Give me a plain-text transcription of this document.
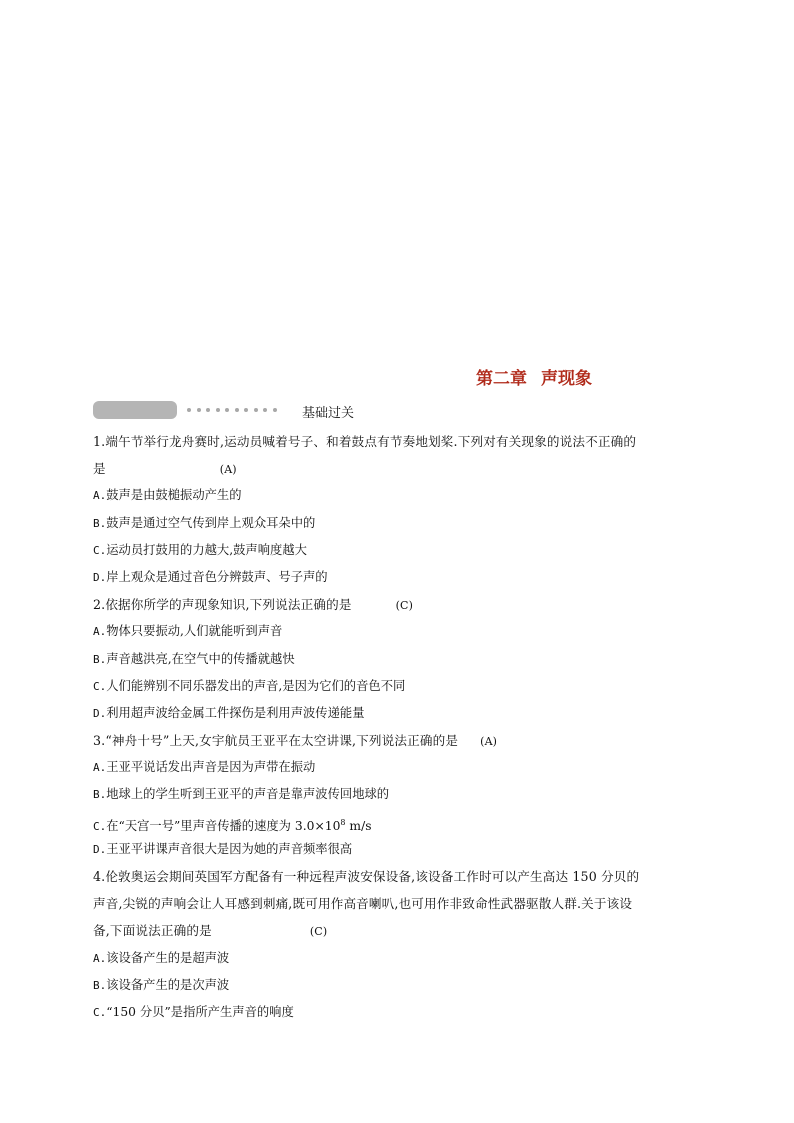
第二章 声现象
基础过关
1.端午节举行龙舟赛时,运动员喊着号子、和着鼓点有节奏地划桨.下列对有关现象的说法不正确的
是	(A)
A.鼓声是由鼓槌振动产生的
B.鼓声是通过空气传到岸上观众耳朵中的
C.运动员打鼓用的力越大,鼓声响度越大
D.岸上观众是通过音色分辨鼓声、号子声的
2.依据你所学的声现象知识,下列说法正确的是	(C)
A.物体只要振动,人们就能听到声音
B.声音越洪亮,在空气中的传播就越快
C.人们能辨别不同乐器发出的声音,是因为它们的音色不同
D.利用超声波给金属工件探伤是利用声波传递能量
3.“神舟十号”上天,女宇航员王亚平在太空讲课,下列说法正确的是 (A)
A.王亚平说话发出声音是因为声带在振动
B.地球上的学生听到王亚平的声音是靠声波传回地球的
C.在“天宫一号”里声音传播的速度为 $3.0\times 10^8$ m/s
D.王亚平讲课声音很大是因为她的声音频率很高
4.伦敦奥运会期间英国军方配备有一种远程声波安保设备,该设备工作时可以产生高达 150 分贝的
声音,尖锐的声响会让人耳感到刺痛,既可用作高音喇叭,也可用作非致命性武器驱散人群.关于该设
备,下面说法正确的是	(C)
A.该设备产生的是超声波
B.该设备产生的是次声波
C.“150 分贝”是指所产生声音的响度
